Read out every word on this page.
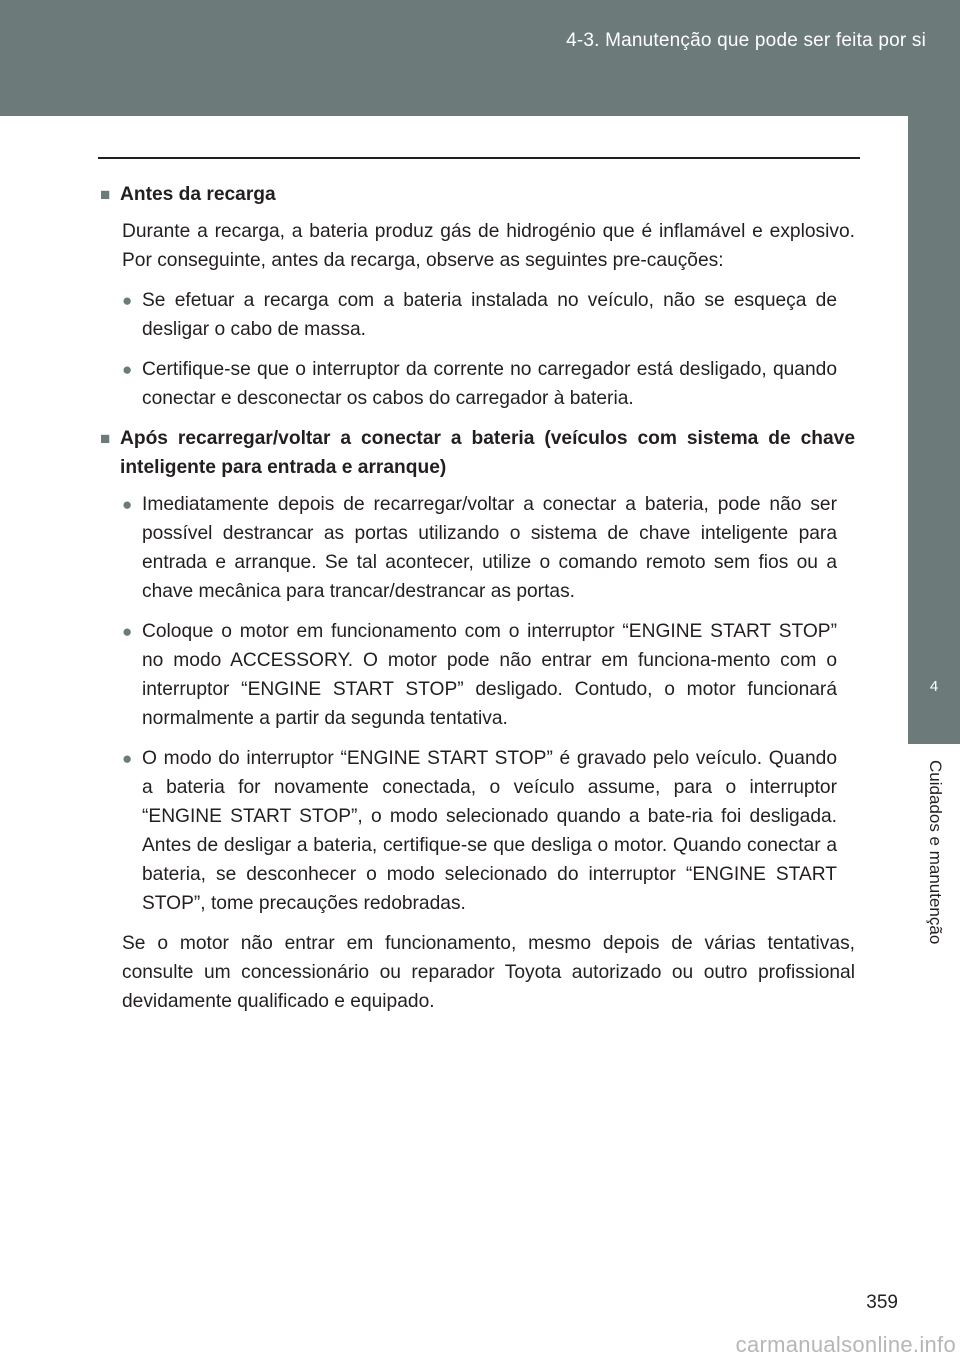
4-3. Manutenção que pode ser feita por si
4
Cuidados e manutenção
■ Antes da recarga
Durante a recarga, a bateria produz gás de hidrogénio que é inflamável e explosivo. Por conseguinte, antes da recarga, observe as seguintes pre-cauções:
● Se efetuar a recarga com a bateria instalada no veículo, não se esqueça de desligar o cabo de massa.
● Certifique-se que o interruptor da corrente no carregador está desligado, quando conectar e desconectar os cabos do carregador à bateria.
■ Após recarregar/voltar a conectar a bateria (veículos com sistema de chave inteligente para entrada e arranque)
● Imediatamente depois de recarregar/voltar a conectar a bateria, pode não ser possível destrancar as portas utilizando o sistema de chave inteligente para entrada e arranque. Se tal acontecer, utilize o comando remoto sem fios ou a chave mecânica para trancar/destrancar as portas.
● Coloque o motor em funcionamento com o interruptor “ENGINE START STOP” no modo ACCESSORY. O motor pode não entrar em funciona-mento com o interruptor “ENGINE START STOP” desligado. Contudo, o motor funcionará normalmente a partir da segunda tentativa.
● O modo do interruptor “ENGINE START STOP” é gravado pelo veículo. Quando a bateria for novamente conectada, o veículo assume, para o interruptor “ENGINE START STOP”, o modo selecionado quando a bate-ria foi desligada. Antes de desligar a bateria, certifique-se que desliga o motor. Quando conectar a bateria, se desconhecer o modo selecionado do interruptor “ENGINE START STOP”, tome precauções redobradas.
Se o motor não entrar em funcionamento, mesmo depois de várias tentativas, consulte um concessionário ou reparador Toyota autorizado ou outro profissional devidamente qualificado e equipado.
359
carmanualsonline.info
